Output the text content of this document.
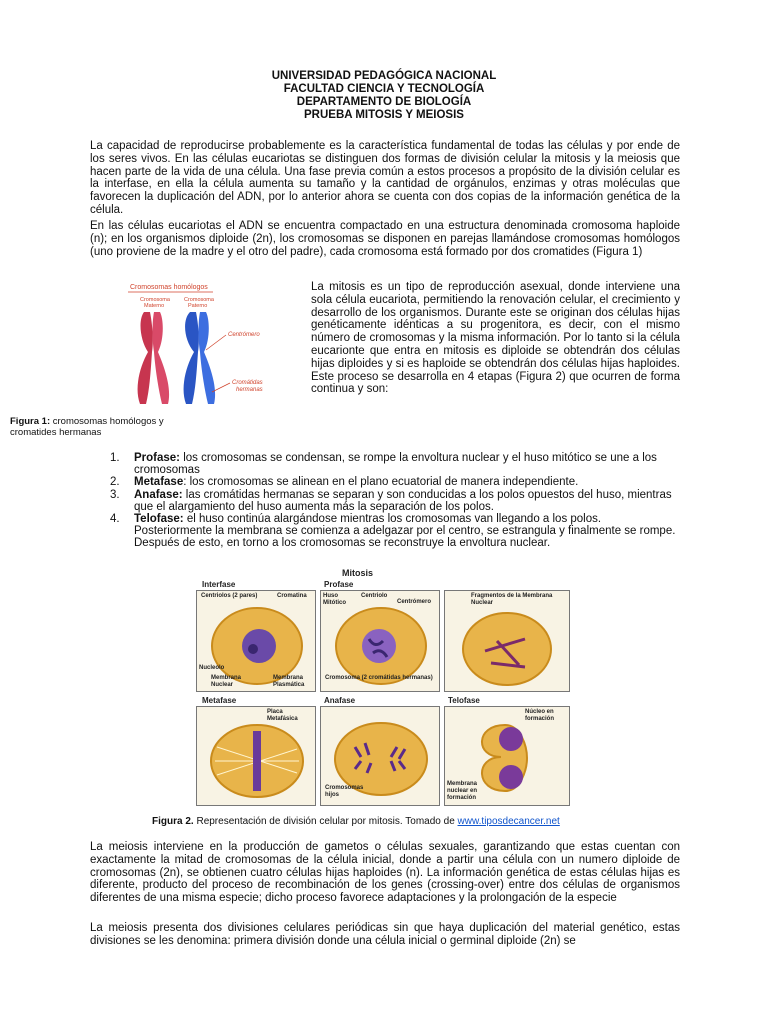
UNIVERSIDAD PEDAGÓGICA NACIONAL
FACULTAD CIENCIA Y TECNOLOGÍA
DEPARTAMENTO DE BIOLOGÍA
PRUEBA MITOSIS Y MEIOSIS
La capacidad de reproducirse probablemente es la característica fundamental de todas las células y por ende de los seres vivos. En las células eucariotas se distinguen dos formas de división celular la mitosis y la meiosis que hacen parte de la vida de una célula. Una fase previa común a estos procesos a propósito de la división celular es la interfase, en ella la célula aumenta su tamaño y la cantidad de orgánulos, enzimas y otras moléculas que favorecen la duplicación del ADN, por lo anterior ahora se cuenta con dos copias de la información genética de la célula.
En las células eucariotas el ADN se encuentra compactado en una estructura denominada cromosoma haploide (n); en los organismos diploide (2n), los cromosomas se disponen en parejas llamándose cromosomas homólogos (uno proviene de la madre y el otro del padre), cada cromosoma está formado por dos cromatides (Figura 1)
Cromosomas homólogos
Cromosoma
Materno
Cromosoma
Paterno
Centrómero
Cromátidas
hermanas
Figura 1: cromosomas homólogos y cromatides hermanas
La mitosis es un tipo de reproducción asexual, donde interviene una sola célula eucariota, permitiendo la renovación celular, el crecimiento y desarrollo de los organismos. Durante este se originan dos células hijas genéticamente idénticas a su progenitora, es decir, con el mismo número de cromosomas y la misma información. Por lo tanto si la célula eucarionte que entra en mitosis es diploide se obtendrán dos células hijas diploides y si es haploide se obtendrán dos células hijas haploides. Este proceso se desarrolla en 4 etapas (Figura 2) que ocurren de forma continua y son:
1. Profase: los cromosomas se condensan, se rompe la envoltura nuclear y el huso mitótico se une a los cromosomas
2. Metafase: los cromosomas se alinean en el plano ecuatorial de manera independiente.
3. Anafase: las cromátidas hermanas se separan y son conducidas a los polos opuestos del huso, mientras que el alargamiento del huso aumenta más la separación de los polos.
4. Telofase: el huso continúa alargándose mientras los cromosomas van llegando a los polos. Posteriormente la membrana se comienza a adelgazar por el centro, se estrangula y finalmente se rompe. Después de esto, en torno a los cromosomas se reconstruye la envoltura nuclear.
Mitosis
Interfase	Profase
Metafase	Anafase	Telofase
Centriolos (2 pares)	Cromatina
Nucleolo
Membrana Nuclear
Membrana Plasmática
Huso Mitótico
Centriolo
Centrómero
Cromosoma (2 cromátidas hermanas)
Fragmentos de la Membrana Nuclear
Placa Metafásica
Cromosomas hijos
Núcleo en formación
Membrana nuclear en formación
Figura 2. Representación de división celular por mitosis. Tomado de www.tiposdecancer.net
La meiosis interviene en la producción de gametos o células sexuales, garantizando que estas cuentan con exactamente la mitad de cromosomas de la célula inicial, donde a partir una célula con un numero diploide de cromosomas (2n), se obtienen cuatro células hijas haploides (n). La información genética de estas células hijas es diferente, producto del proceso de recombinación de los genes (crossing-over) entre dos células de organismos diferentes de una misma especie; dicho proceso favorece adaptaciones y la prolongación de la especie
La meiosis presenta dos divisiones celulares periódicas sin que haya duplicación del material genético, estas divisiones se les denomina: primera división donde una célula inicial o germinal diploide (2n) se
